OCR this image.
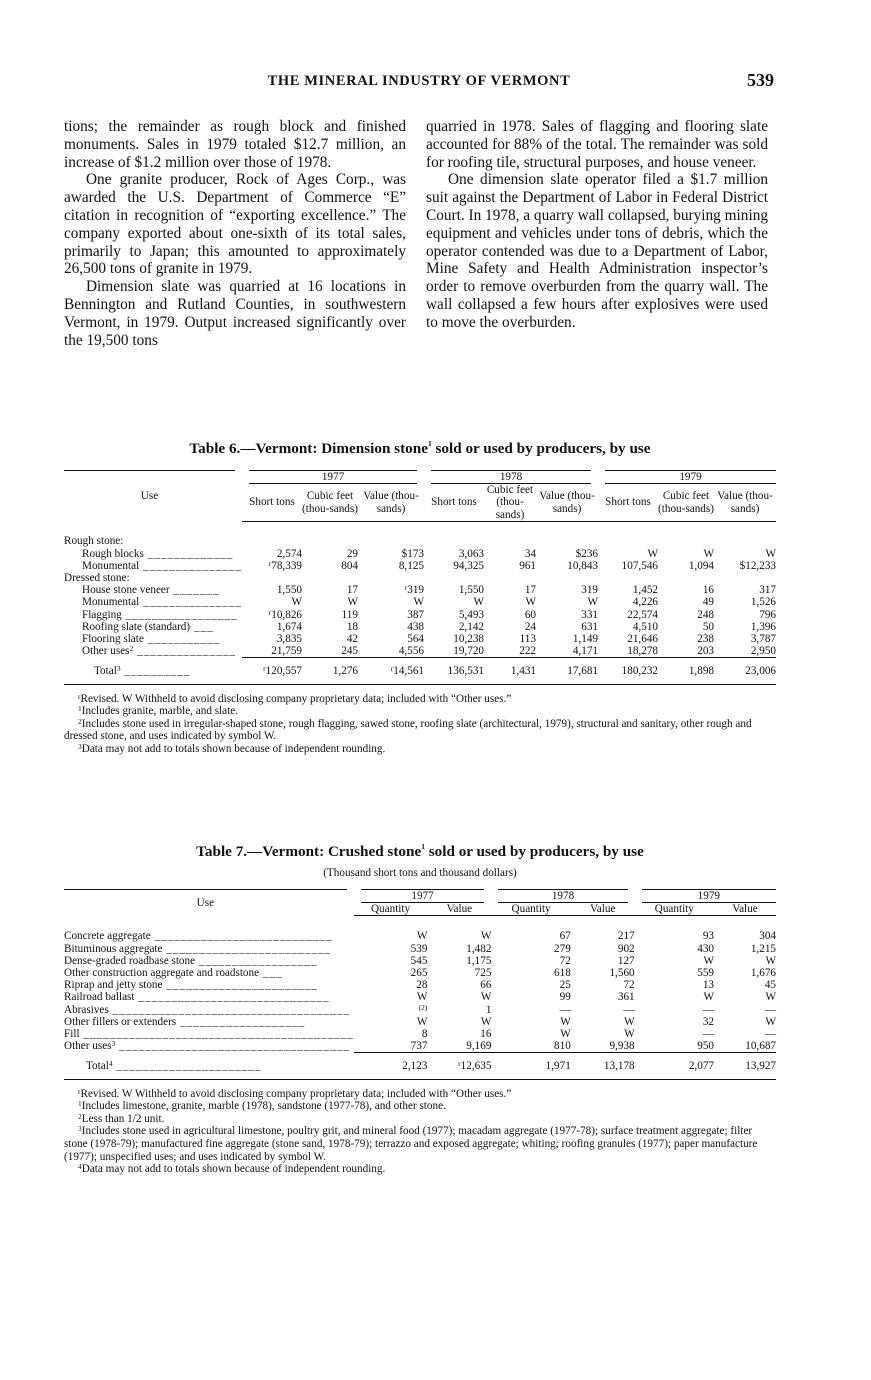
THE MINERAL INDUSTRY OF VERMONT	539

tions; the remainder as rough block and finished monuments. Sales in 1979 totaled $12.7 million, an increase of $1.2 million over those of 1978.

One granite producer, Rock of Ages Corp., was awarded the U.S. Department of Commerce “E” citation in recognition of “exporting excellence.” The company exported about one-sixth of its total sales, primarily to Japan; this amounted to approximately 26,500 tons of granite in 1979.

Dimension slate was quarried at 16 locations in Bennington and Rutland Counties, in southwestern Vermont, in 1979. Output increased significantly over the 19,500 tons

quarried in 1978. Sales of flagging and flooring slate accounted for 88% of the total. The remainder was sold for roofing tile, structural purposes, and house veneer.

One dimension slate operator filed a $1.7 million suit against the Department of Labor in Federal District Court. In 1978, a quarry wall collapsed, burying mining equipment and vehicles under tons of debris, which the operator contended was due to a Department of Labor, Mine Safety and Health Administration inspector’s order to remove overburden from the quarry wall. The wall collapsed a few hours after explosives were used to move the overburden.

Table 6.—Vermont: Dimension stone$^1$ sold or used by producers, by use
Use	1977			1978			1979		
	Short tons	Cubic feet (thou-sands)	Value (thou-sands)	Short tons	Cubic feet (thou-sands)	Value (thou-sands)	Short tons	Cubic feet (thou-sands)	Value (thou-sands)
Rough stone:									
Rough blocks _____________	2,574	29	$173	3,063	34	$236	W	W	W
Monumental _______________	$^r$78,339	804	8,125	94,325	961	10,843	107,546	1,094	$12,233
Dressed stone:									
House stone veneer _______	1,550	17	$^r$319	1,550	17	319	1,452	16	317
Monumental _______________	W	W	W	W	W	W	4,226	49	1,526
Flagging _________________	$^r$10,826	119	387	5,493	60	331	22,574	248	796
Roofing slate (standard) ___	1,674	18	438	2,142	24	631	4,510	50	1,396
Flooring slate ___________	3,835	42	564	10,238	113	1,149	21,646	238	3,787
Other uses$^2$ _______________	21,759	245	4,556	19,720	222	4,171	18,278	203	2,950
Total$^3$ __________	$^r$120,557	1,276	$^r$14,561	136,531	1,431	17,681	180,232	1,898	23,006

$^r$Revised. W Withheld to avoid disclosing company proprietary data; included with “Other uses.”

$^1$Includes granite, marble, and slate.

$^2$Includes stone used in irregular-shaped stone, rough flagging, sawed stone, roofing slate (architectural, 1979), structural and sanitary, other rough and dressed stone, and uses indicated by symbol W.

$^3$Data may not add to totals shown because of independent rounding.

Table 7.—Vermont: Crushed stone$^1$ sold or used by producers, by use
(Thousand short tons and thousand dollars)
Use	1977		1978		1979	
	Quantity	Value	Quantity	Value	Quantity	Value
Concrete aggregate ___________________________	W	W	67	217	93	304
Bituminous aggregate _________________________	539	1,482	279	902	430	1,215
Dense-graded roadbase stone __________________	545	1,175	72	127	W	W
Other construction aggregate and roadstone ___	265	725	618	1,560	559	1,676
Riprap and jetty stone _______________________	28	66	25	72	13	45
Railroad ballast _____________________________	W	W	99	361	W	W
Abrasives ____________________________________	$^{(2)}$	1	—	—	—	—
Other fillers or extenders ___________________	W	W	W	W	32	W
Fill _________________________________________	8	16	W	W	—	—
Other uses$^3$ ___________________________________	737	9,169	810	9,938	950	10,687
Total$^4$ ______________________	2,123	$^r$12,635	1,971	13,178	2,077	13,927

$^r$Revised. W Withheld to avoid disclosing company proprietary data; included with “Other uses.”

$^1$Includes limestone, granite, marble (1978), sandstone (1977-78), and other stone.

$^2$Less than 1/2 unit.

$^3$Includes stone used in agricultural limestone, poultry grit, and mineral food (1977); macadam aggregate (1977-78); surface treatment aggregate; filter stone (1978-79); manufactured fine aggregate (stone sand, 1978-79); terrazzo and exposed aggregate; whiting; roofing granules (1977); paper manufacture (1977); unspecified uses; and uses indicated by symbol W.

$^4$Data may not add to totals shown because of independent rounding.
